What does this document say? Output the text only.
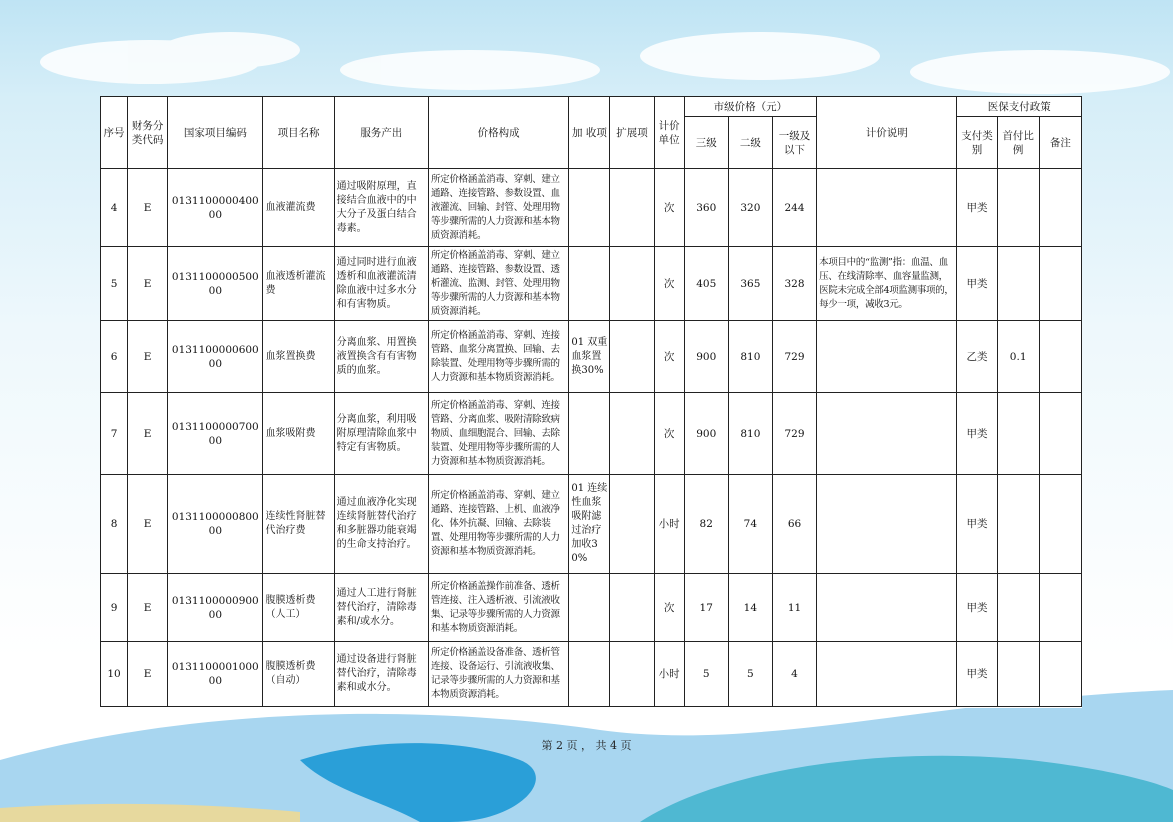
序号	财务分类代码	国家项目编码	项目名称	服务产出	价格构成	加 收项	扩展项	计价单位	市级价格（元）			计价说明	医保支付政策		
									三级	二级	一级及以下		支付类别	首付比例	备注
4	E	013110000040000	血液灌流费	通过吸附原理，直接结合血液中的中大分子及蛋白结合毒素。	所定价格涵盖消毒、穿刺、建立通路、连接管路、参数设置、血液灌流、回输、封管、处理用物等步骤所需的人力资源和基本物质资源消耗。			次	360	320	244		甲类		
5	E	013110000050000	血液透析灌流费	通过同时进行血液透析和血液灌流清除血液中过多水分和有害物质。	所定价格涵盖消毒、穿刺、建立通路、连接管路、参数设置、透析灌流、监测、封管、处理用物等步骤所需的人力资源和基本物质资源消耗。			次	405	365	328	本项目中的“监测”指：血温、血压、在线清除率、血容量监测，医院未完成全部4项监测事项的，每少一项，减收3元。	甲类		
6	E	013110000060000	血浆置换费	分离血浆、用置换液置换含有有害物质的血浆。	所定价格涵盖消毒、穿刺、连接管路、血浆分离置换、回输、去除装置、处理用物等步骤所需的人力资源和基本物质资源消耗。	01 双重血浆置换30%		次	900	810	729		乙类	0.1	
7	E	013110000070000	血浆吸附费	分离血浆，利用吸附原理清除血浆中特定有害物质。	所定价格涵盖消毒、穿刺、连接管路、分离血浆、吸附清除致病物质、血细胞混合、回输、去除装置、处理用物等步骤所需的人力资源和基本物质资源消耗。			次	900	810	729		甲类		
8	E	013110000080000	连续性肾脏替代治疗费	通过血液净化实现连续肾脏替代治疗和多脏器功能衰竭的生命支持治疗。	所定价格涵盖消毒、穿刺、建立通路、连接管路、上机、血液净化、体外抗凝、回输、去除装置、处理用物等步骤所需的人力资源和基本物质资源消耗。	01 连续性血浆吸附滤过治疗加收30%		小时	82	74	66		甲类		
9	E	013110000090000	腹膜透析费（人工）	通过人工进行肾脏替代治疗，清除毒素和/或水分。	所定价格涵盖操作前准备、透析管连接、注入透析液、引流液收集、记录等步骤所需的人力资源和基本物质资源消耗。			次	17	14	11		甲类		
10	E	013110000100000	腹膜透析费（自动）	通过设备进行肾脏替代治疗，清除毒素和或水分。	所定价格涵盖设备准备、透析管连接、设备运行、引流液收集、记录等步骤所需的人力资源和基本物质资源消耗。			小时	5	5	4		甲类		
第 2 页 ， 共 4 页
